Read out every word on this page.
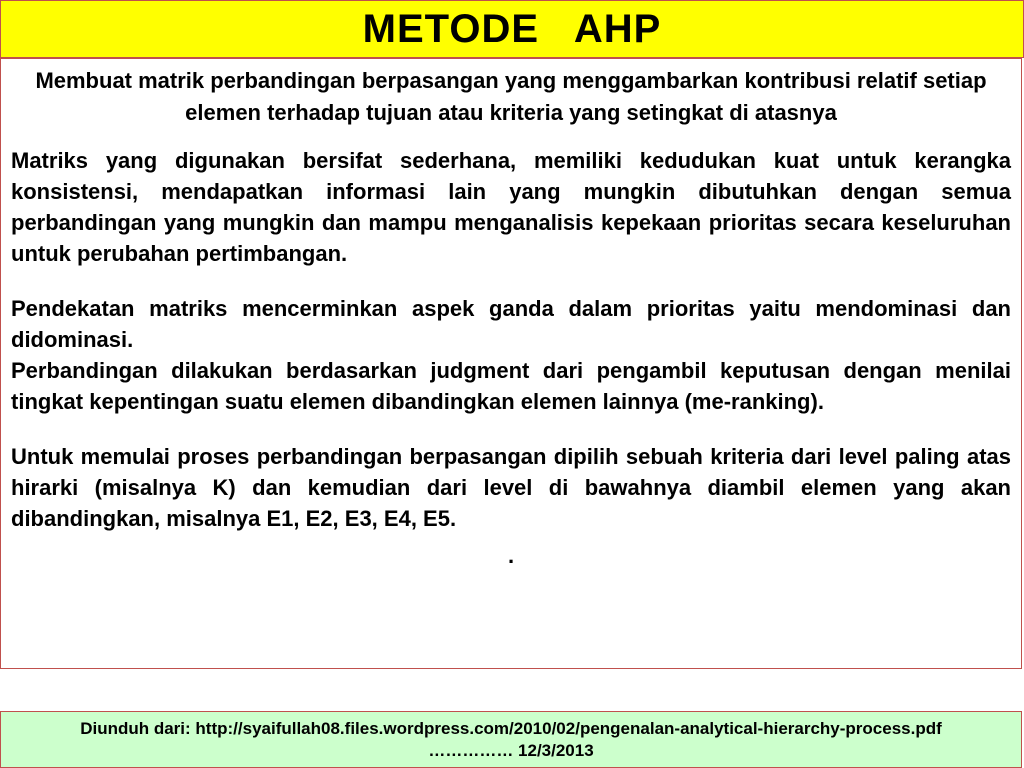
METODE   AHP

Membuat matrik perbandingan berpasangan yang menggambarkan kontribusi relatif setiap elemen terhadap tujuan atau kriteria yang setingkat di atasnya

Matriks yang digunakan bersifat sederhana, memiliki kedudukan kuat untuk kerangka konsistensi, mendapatkan informasi lain yang mungkin dibutuhkan dengan semua perbandingan yang mungkin dan mampu menganalisis kepekaan prioritas secara keseluruhan untuk perubahan pertimbangan.

Pendekatan matriks mencerminkan aspek ganda dalam prioritas yaitu mendominasi dan didominasi.

Perbandingan dilakukan berdasarkan judgment dari pengambil keputusan dengan menilai tingkat kepentingan suatu elemen dibandingkan elemen lainnya (me-ranking).

Untuk memulai proses perbandingan berpasangan dipilih sebuah kriteria dari level paling atas hirarki (misalnya K) dan kemudian dari level di bawahnya diambil elemen yang akan dibandingkan, misalnya E1, E2, E3, E4, E5.

.
Diunduh dari: http://syaifullah08.files.wordpress.com/2010/02/pengenalan-analytical-hierarchy-process.pdf …………… 12/3/2013
